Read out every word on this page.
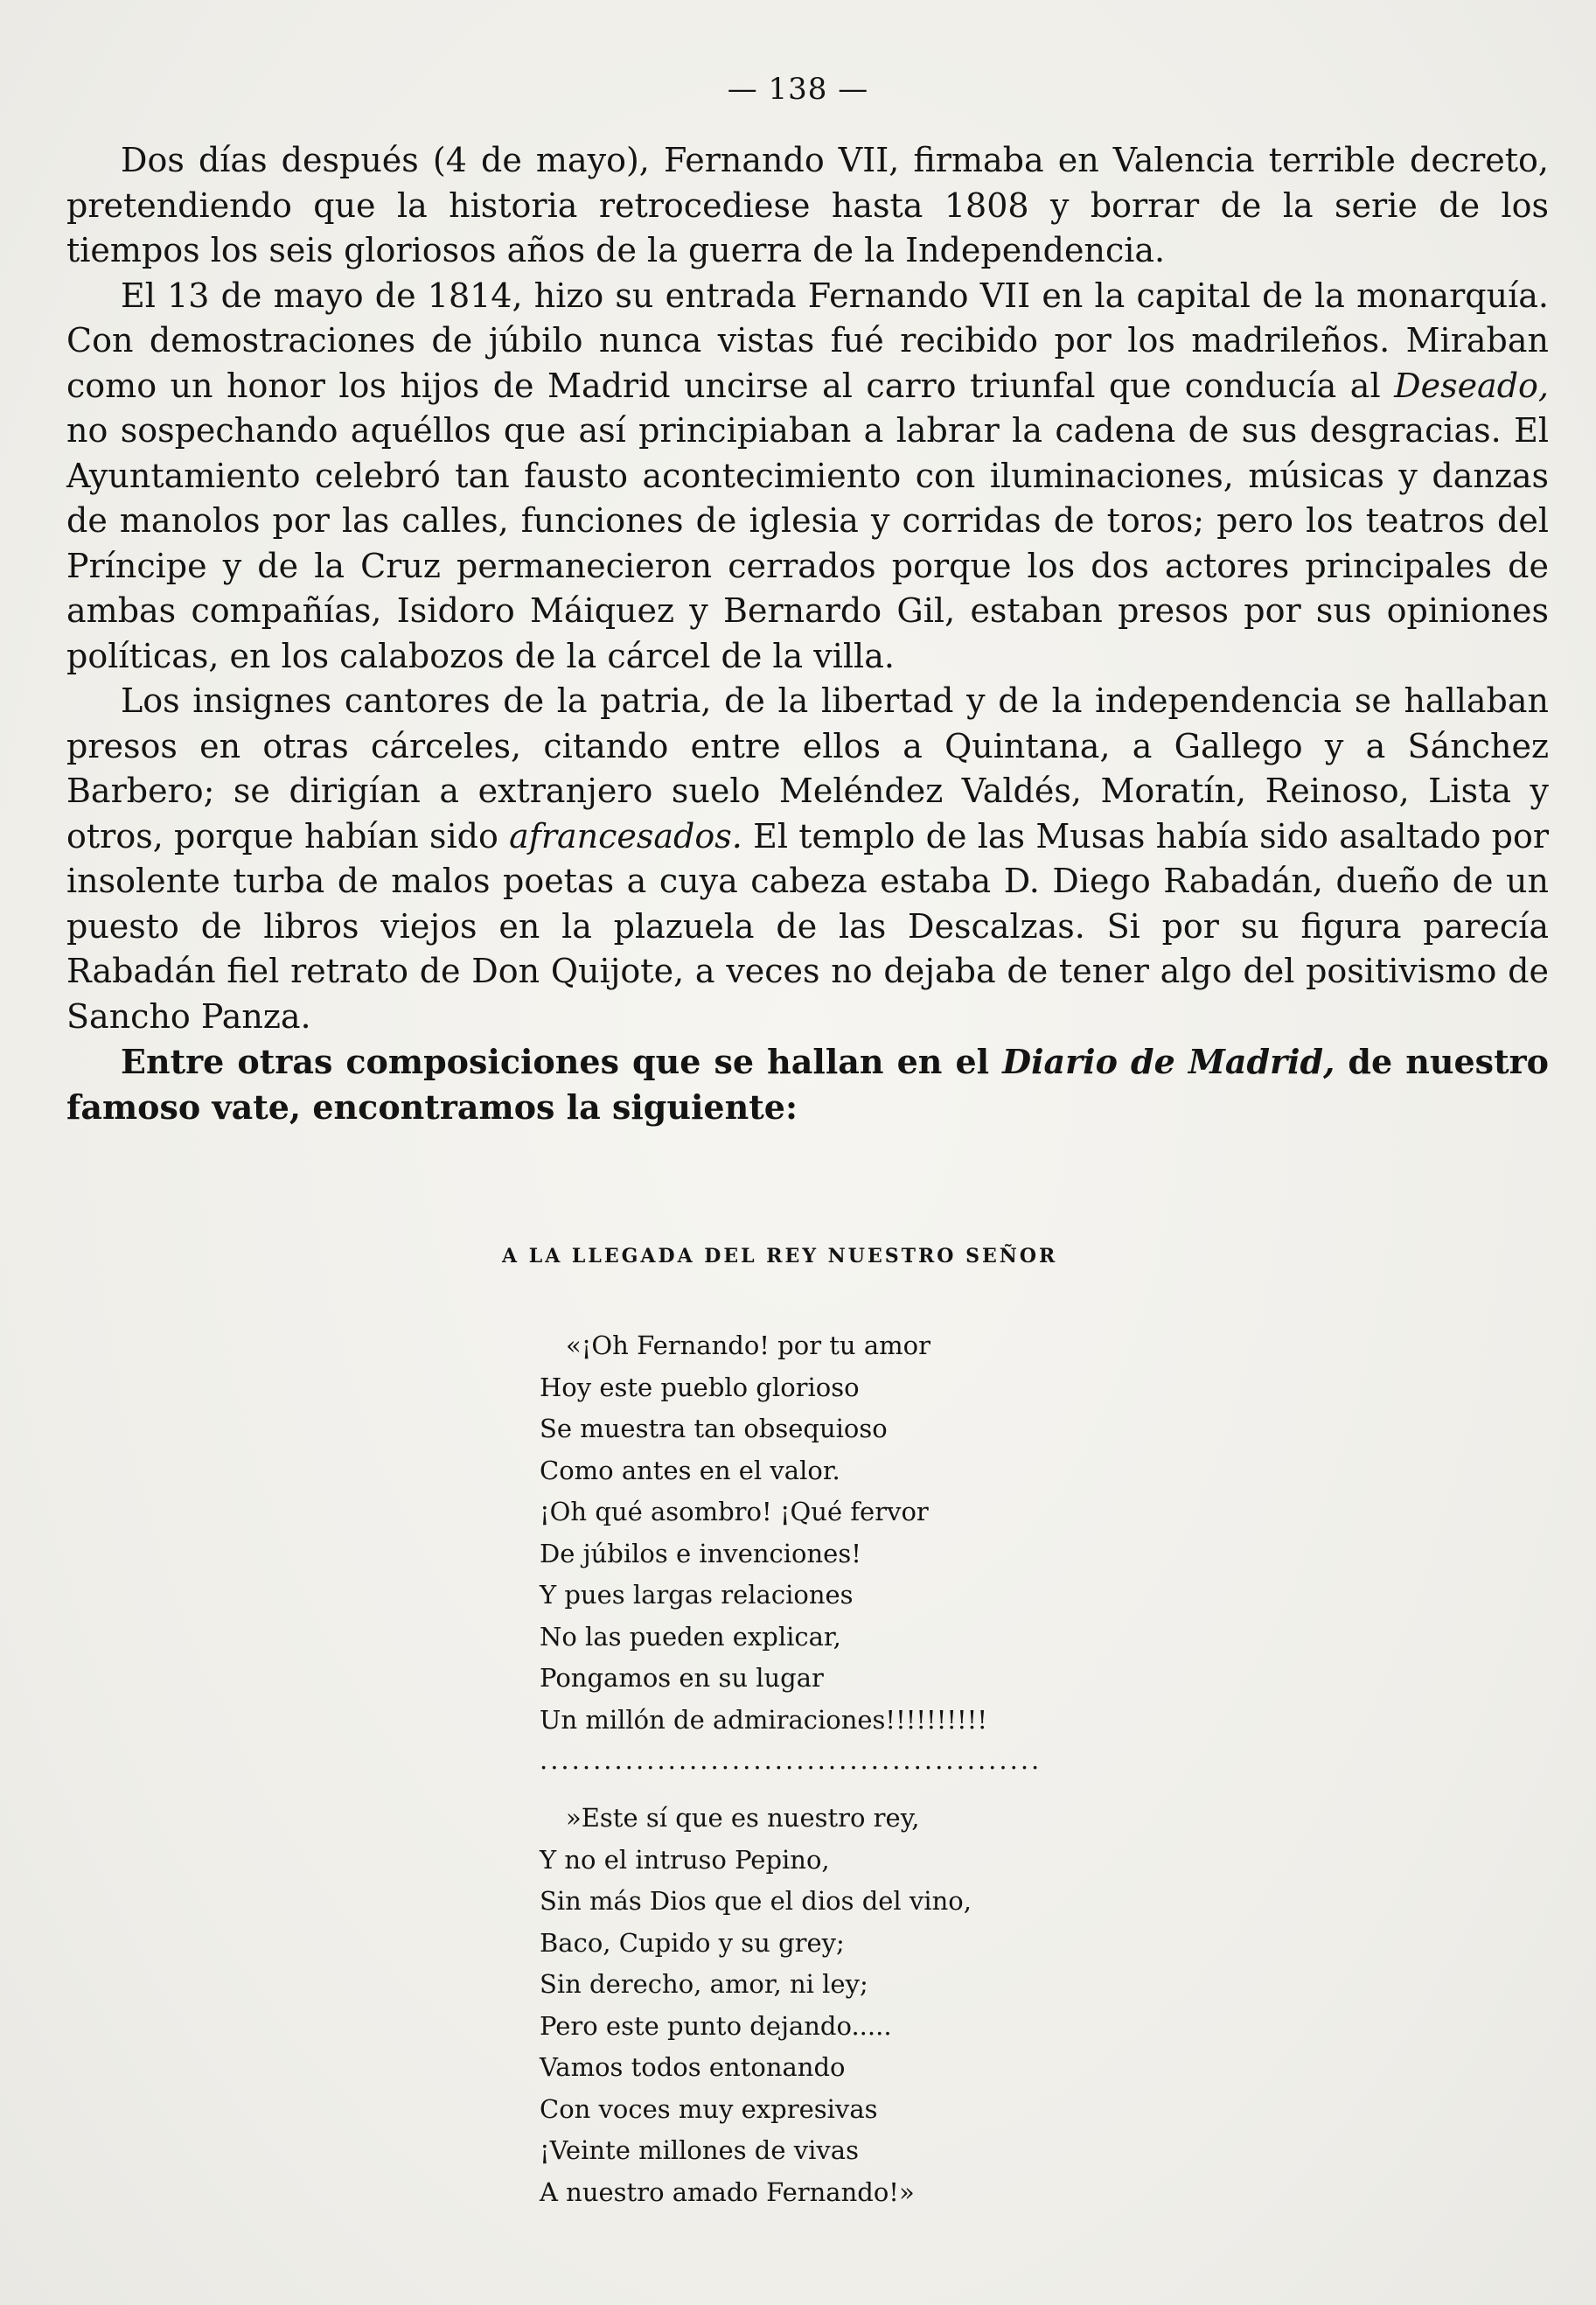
— 138 —

Dos días después (4 de mayo), Fernando VII, firmaba en Valencia terrible decreto, pretendiendo que la historia retrocediese hasta 1808 y borrar de la serie de los tiempos los seis gloriosos años de la guerra de la Independencia.

El 13 de mayo de 1814, hizo su entrada Fernando VII en la capital de la monarquía. Con demostraciones de júbilo nunca vistas fué recibido por los madrileños. Miraban como un honor los hijos de Madrid uncirse al carro triunfal que conducía al Deseado, no sospechando aquéllos que así principiaban a labrar la cadena de sus desgracias. El Ayuntamiento celebró tan fausto acontecimiento con iluminaciones, músicas y danzas de manolos por las calles, funciones de iglesia y corridas de toros; pero los teatros del Príncipe y de la Cruz permanecieron cerrados porque los dos actores principales de ambas compañías, Isidoro Máiquez y Bernardo Gil, estaban presos por sus opiniones políticas, en los calabozos de la cárcel de la villa.

Los insignes cantores de la patria, de la libertad y de la independencia se hallaban presos en otras cárceles, citando entre ellos a Quintana, a Gallego y a Sánchez Barbero; se dirigían a extranjero suelo Meléndez Valdés, Moratín, Reinoso, Lista y otros, porque habían sido afrancesados. El templo de las Musas había sido asaltado por insolente turba de malos poetas a cuya cabeza estaba D. Diego Rabadán, dueño de un puesto de libros viejos en la plazuela de las Descalzas. Si por su figura parecía Rabadán fiel retrato de Don Quijote, a veces no dejaba de tener algo del positivismo de Sancho Panza.

Entre otras composiciones que se hallan en el Diario de Madrid, de nuestro famoso vate, encontramos la siguiente:

A LA LLEGADA DEL REY NUESTRO SEÑOR
«¡Oh Fernando! por tu amor
Hoy este pueblo glorioso
Se muestra tan obsequioso
Como antes en el valor.
¡Oh qué asombro! ¡Qué fervor
De júbilos e invenciones!
Y pues largas relaciones
No las pueden explicar,
Pongamos en su lugar
Un millón de admiraciones!!!!!!!!!!
...............................................
»Este sí que es nuestro rey,
Y no el intruso Pepino,
Sin más Dios que el dios del vino,
Baco, Cupido y su grey;
Sin derecho, amor, ni ley;
Pero este punto dejando.....
Vamos todos entonando
Con voces muy expresivas
¡Veinte millones de vivas
A nuestro amado Fernando!»
